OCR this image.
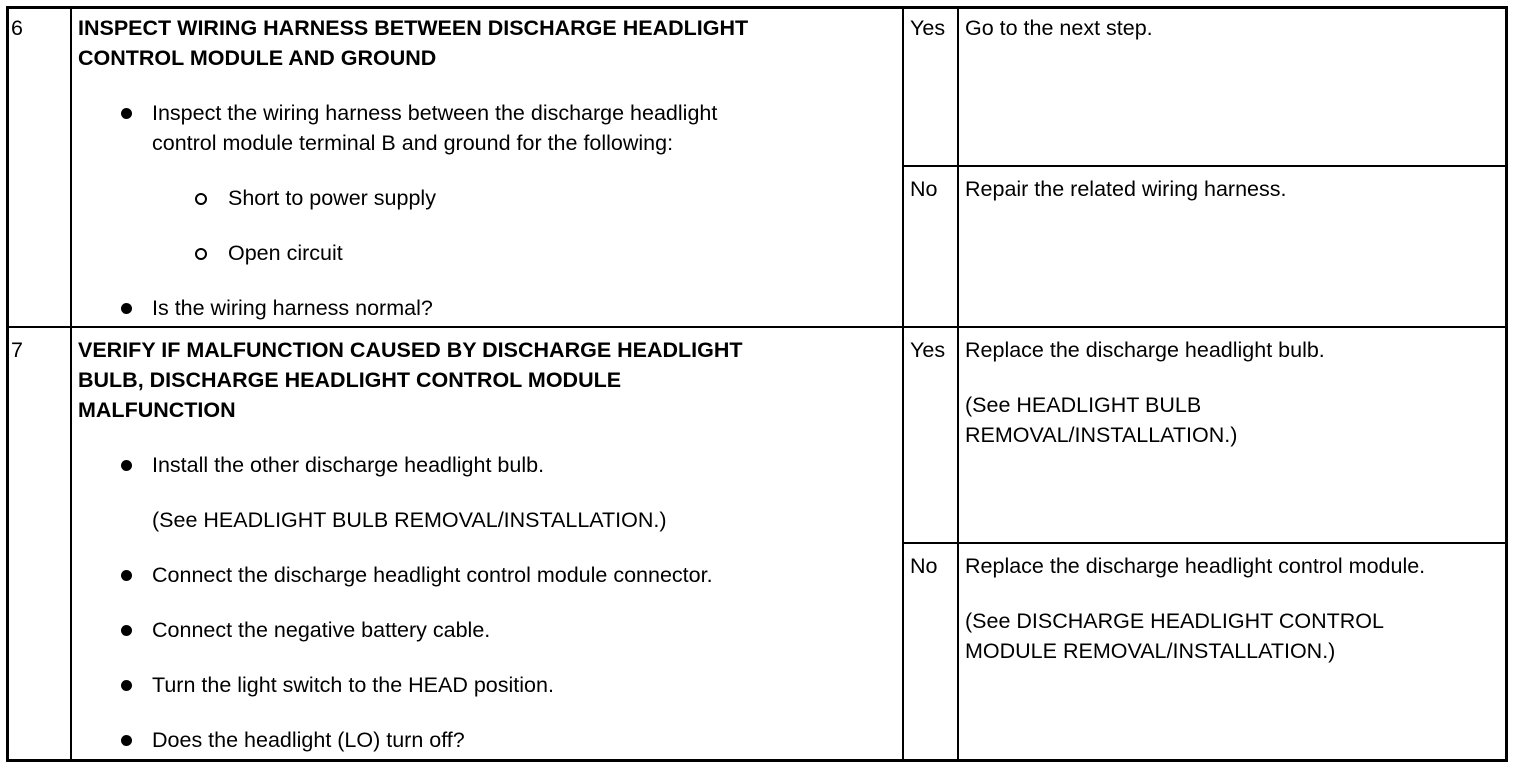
6	INSPECT WIRING HARNESS BETWEEN DISCHARGE HEADLIGHT
CONTROL MODULE AND GROUND
Inspect the wiring harness between the discharge headlight
control module terminal B and ground for the following:
Short to power supply
Open circuit
Is the wiring harness normal?
Yes Go to the next step.
No Repair the related wiring harness.
7	VERIFY IF MALFUNCTION CAUSED BY DISCHARGE HEADLIGHT
BULB, DISCHARGE HEADLIGHT CONTROL MODULE
MALFUNCTION
Install the other discharge headlight bulb.
(See HEADLIGHT BULB REMOVAL/INSTALLATION.)
Connect the discharge headlight control module connector.
Connect the negative battery cable.
Turn the light switch to the HEAD position.
Does the headlight (LO) turn off?
Yes Replace the discharge headlight bulb.
(See HEADLIGHT BULB
REMOVAL/INSTALLATION.)
No Replace the discharge headlight control module.
(See DISCHARGE HEADLIGHT CONTROL
MODULE REMOVAL/INSTALLATION.)
